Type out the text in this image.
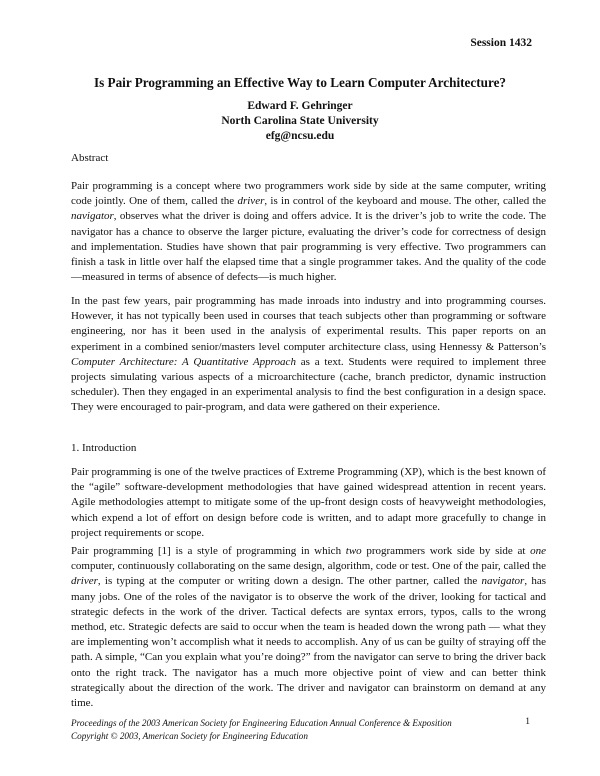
Session 1432
Is Pair Programming an Effective Way to Learn Computer Architecture?
Edward F. Gehringer
North Carolina State University
efg@ncsu.edu
Abstract

Pair programming is a concept where two programmers work side by side at the same computer, writing code jointly. One of them, called the driver, is in control of the keyboard and mouse. The other, called the navigator, observes what the driver is doing and offers advice. It is the driver’s job to write the code. The navigator has a chance to observe the larger picture, evaluating the driver’s code for correctness of design and implementation. Studies have shown that pair programming is very effective. Two programmers can finish a task in little over half the elapsed time that a single programmer takes. And the quality of the code—measured in terms of absence of defects—is much higher.

In the past few years, pair programming has made inroads into industry and into programming courses. However, it has not typically been used in courses that teach subjects other than programming or software engineering, nor has it been used in the analysis of experimental results. This paper reports on an experiment in a combined senior/masters level computer architecture class, using Hennessy & Patterson’s Computer Architecture: A Quantitative Approach as a text. Students were required to implement three projects simulating various aspects of a microarchitecture (cache, branch predictor, dynamic instruction scheduler). Then they engaged in an experimental analysis to find the best configuration in a design space. They were encouraged to pair-program, and data were gathered on their experience.

1. Introduction

Pair programming is one of the twelve practices of Extreme Programming (XP), which is the best known of the “agile” software-development methodologies that have gained widespread attention in recent years. Agile methodologies attempt to mitigate some of the up-front design costs of heavyweight methodologies, which expend a lot of effort on design before code is written, and to adapt more gracefully to change in project requirements or scope.

Pair programming [1] is a style of programming in which two programmers work side by side at one computer, continuously collaborating on the same design, algorithm, code or test. One of the pair, called the driver, is typing at the computer or writing down a design. The other partner, called the navigator, has many jobs. One of the roles of the navigator is to observe the work of the driver, looking for tactical and strategic defects in the work of the driver. Tactical defects are syntax errors, typos, calls to the wrong method, etc. Strategic defects are said to occur when the team is headed down the wrong path — what they are implementing won’t accomplish what it needs to accomplish. Any of us can be guilty of straying off the path. A simple, “Can you explain what you’re doing?” from the navigator can serve to bring the driver back onto the right track. The navigator has a much more objective point of view and can better think strategically about the direction of the work. The driver and navigator can brainstorm on demand at any time.

Proceedings of the 2003 American Society for Engineering Education Annual Conference & Exposition
Copyright © 2003, American Society for Engineering Education
1
